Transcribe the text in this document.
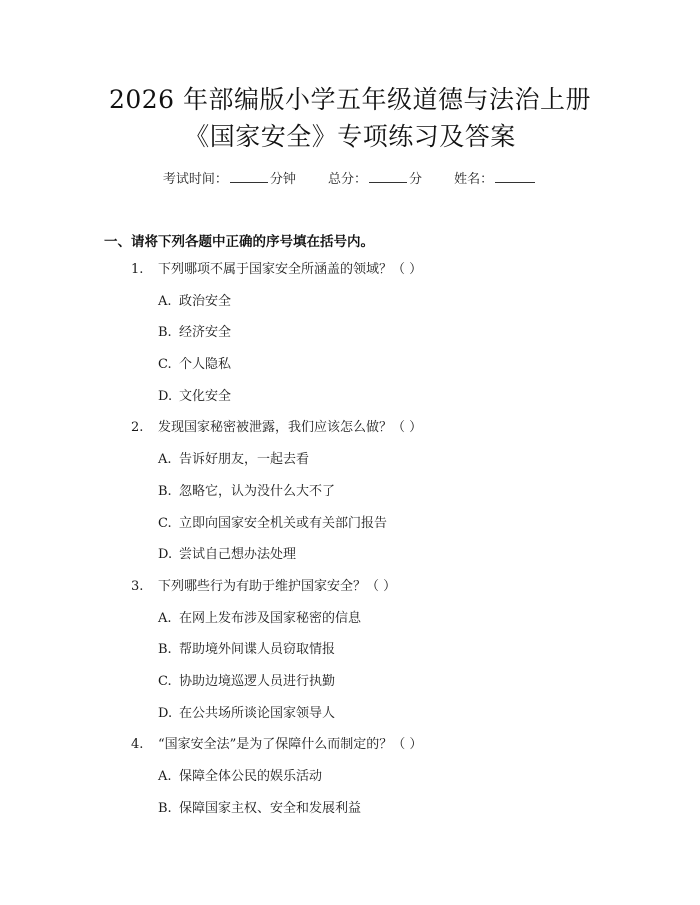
2026 年部编版小学五年级道德与法治上册
《国家安全》专项练习及答案
考试时间：	分钟 总分：	分 姓名：
一、请将下列各题中正确的序号填在括号内。
1. 下列哪项不属于国家安全所涵盖的领域？（ ）
A. 政治安全
B. 经济安全
C. 个人隐私
D. 文化安全
2. 发现国家秘密被泄露，我们应该怎么做？（ ）
A. 告诉好朋友，一起去看
B. 忽略它，认为没什么大不了
C. 立即向国家安全机关或有关部门报告
D. 尝试自己想办法处理
3. 下列哪些行为有助于维护国家安全？（ ）
A. 在网上发布涉及国家秘密的信息
B. 帮助境外间谍人员窃取情报
C. 协助边境巡逻人员进行执勤
D. 在公共场所谈论国家领导人
4. “国家安全法”是为了保障什么而制定的？（ ）
A. 保障全体公民的娱乐活动
B. 保障国家主权、安全和发展利益
